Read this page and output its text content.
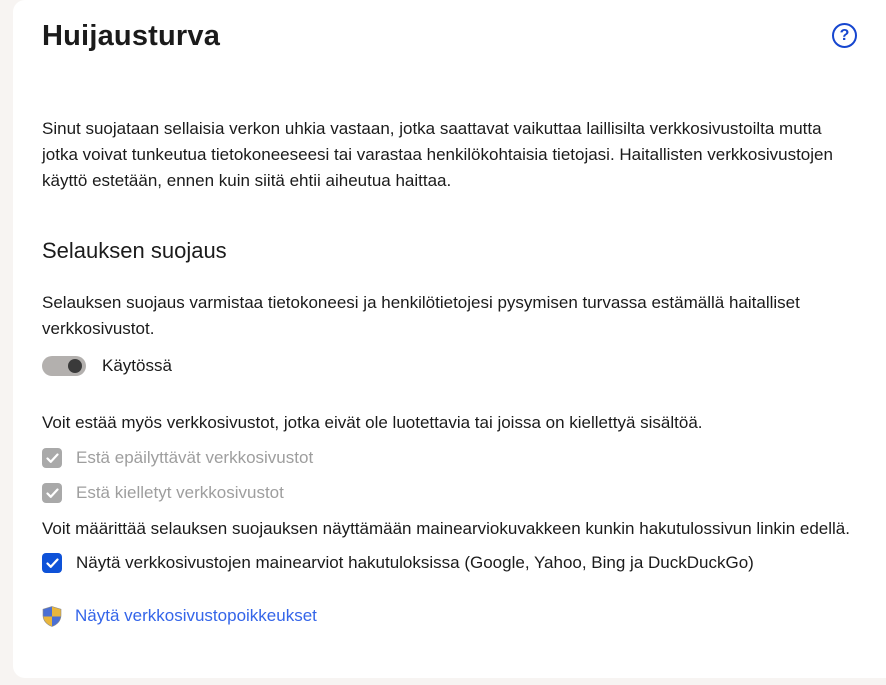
Huijausturva	?

Sinut suojataan sellaisia verkon uhkia vastaan, jotka saattavat vaikuttaa laillisilta verkkosivustoilta mutta jotka voivat tunkeutua tietokoneeseesi tai varastaa henkilökohtaisia tietojasi. Haitallisten verkkosivustojen käyttö estetään, ennen kuin siitä ehtii aiheutua haittaa.

Selauksen suojaus

Selauksen suojaus varmistaa tietokoneesi ja henkilötietojesi pysymisen turvassa estämällä haitalliset verkkosivustot.

Käytössä

Voit estää myös verkkosivustot, jotka eivät ole luotettavia tai joissa on kiellettyä sisältöä.

Estä epäilyttävät verkkosivustot
Estä kielletyt verkkosivustot

Voit määrittää selauksen suojauksen näyttämään mainearviokuvakkeen kunkin hakutulossivun linkin edellä.

Näytä verkkosivustojen mainearviot hakutuloksissa (Google, Yahoo, Bing ja DuckDuckGo)
Näytä verkkosivustopoikkeukset
